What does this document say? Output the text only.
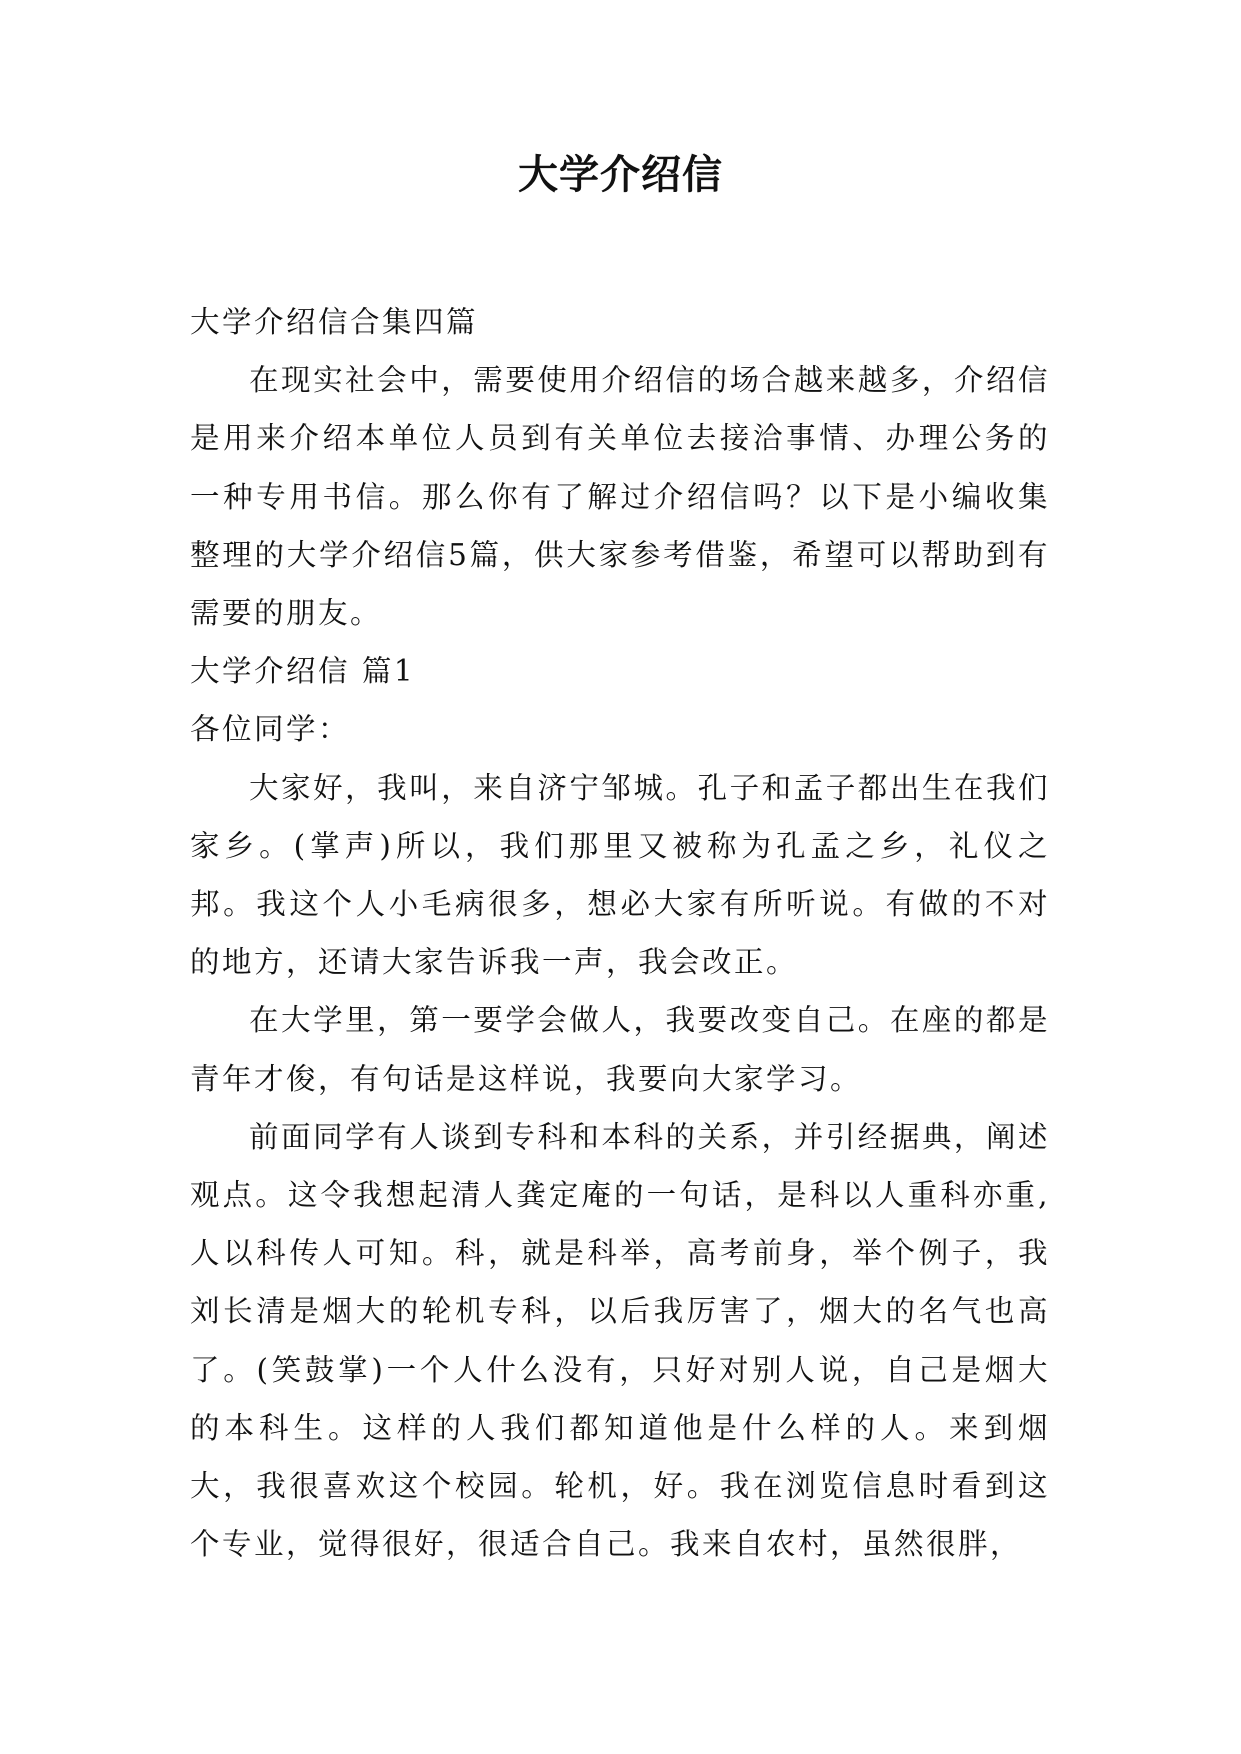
大学介绍信

大学介绍信合集四篇

在现实社会中，需要使用介绍信的场合越来越多，介绍信是用来介绍本单位人员到有关单位去接洽事情、办理公务的一种专用书信。那么你有了解过介绍信吗？以下是小编收集整理的大学介绍信5篇，供大家参考借鉴，希望可以帮助到有需要的朋友。

大学介绍信 篇1

各位同学：

大家好，我叫，来自济宁邹城。孔子和孟子都出生在我们家乡。(掌声)所以，我们那里又被称为孔孟之乡，礼仪之邦。我这个人小毛病很多，想必大家有所听说。有做的不对的地方，还请大家告诉我一声，我会改正。

在大学里，第一要学会做人，我要改变自己。在座的都是青年才俊，有句话是这样说，我要向大家学习。

前面同学有人谈到专科和本科的关系，并引经据典，阐述观点。这令我想起清人龚定庵的一句话，是科以人重科亦重,人以科传人可知。科，就是科举，高考前身，举个例子，我刘长清是烟大的轮机专科，以后我厉害了，烟大的名气也高了。(笑鼓掌)一个人什么没有，只好对别人说，自己是烟大的本科生。这样的人我们都知道他是什么样的人。来到烟大，我很喜欢这个校园。轮机，好。我在浏览信息时看到这个专业，觉得很好，很适合自己。我来自农村，虽然很胖，
